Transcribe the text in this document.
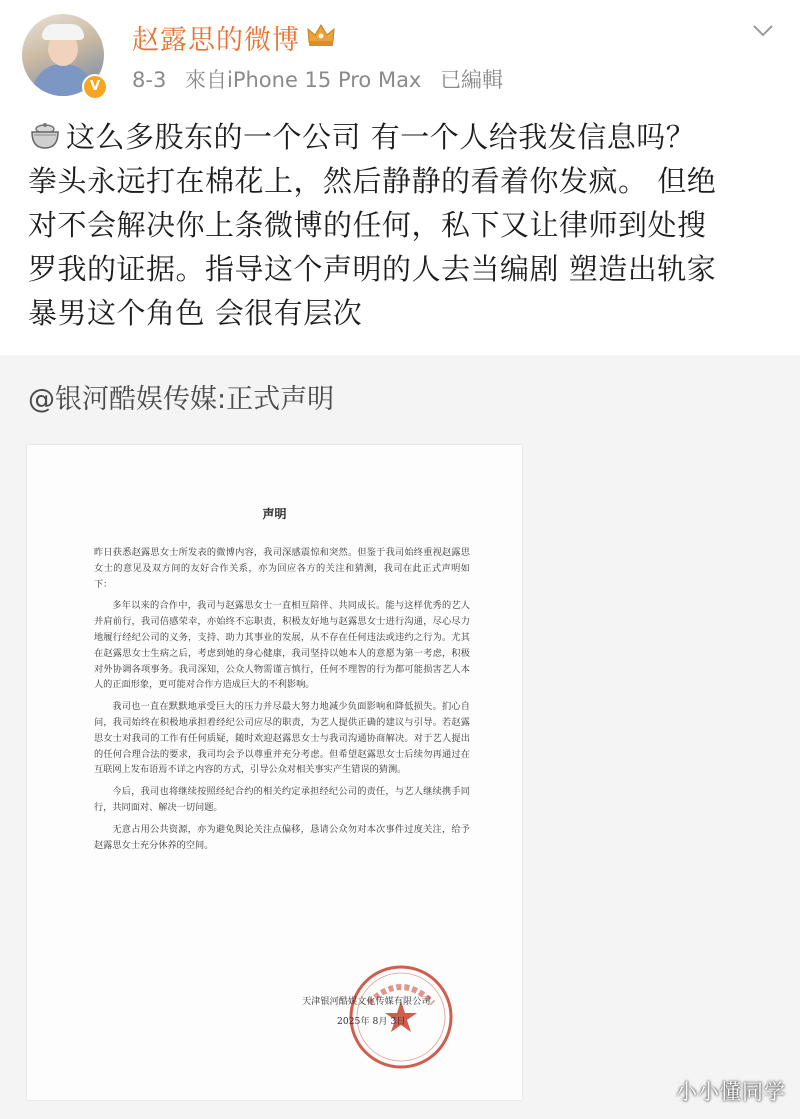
V
赵露思的微博
8-3 來自iPhone 15 Pro Max 已編輯

这么多股东的一个公司 有一个人给我发信息吗？

拳头永远打在棉花上，然后静静的看着你发疯。 但绝

对不会解决你上条微博的任何，私下又让律师到处搜

罗我的证据。指导这个声明的人去当编剧 塑造出轨家

暴男这个角色 会很有层次

@银河酷娱传媒:正式声明
声明

昨日获悉赵露思女士所发表的微博内容，我司深感震惊和突然。但鉴于我司始终重视赵露思女士的意见及双方间的友好合作关系，亦为回应各方的关注和猜测，我司在此正式声明如下：

多年以来的合作中，我司与赵露思女士一直相互陪伴、共同成长。能与这样优秀的艺人并肩前行，我司倍感荣幸，亦始终不忘职责，积极友好地与赵露思女士进行沟通，尽心尽力地履行经纪公司的义务，支持、助力其事业的发展，从不存在任何违法或违约之行为。尤其在赵露思女士生病之后，考虑到她的身心健康，我司坚持以她本人的意愿为第一考虑，积极对外协调各项事务。我司深知，公众人物需谨言慎行，任何不理智的行为都可能损害艺人本人的正面形象，更可能对合作方造成巨大的不利影响。

我司也一直在默默地承受巨大的压力并尽最大努力地减少负面影响和降低损失。扪心自问，我司始终在积极地承担着经纪公司应尽的职责，为艺人提供正确的建议与引导。若赵露思女士对我司的工作有任何质疑，随时欢迎赵露思女士与我司沟通协商解决。对于艺人提出的任何合理合法的要求，我司均会予以尊重并充分考虑。但希望赵露思女士后续勿再通过在互联网上发布语焉不详之内容的方式，引导公众对相关事实产生错误的猜测。

今后，我司也将继续按照经纪合约的相关约定承担经纪公司的责任，与艺人继续携手同行，共同面对、解决一切问题。

无意占用公共资源，亦为避免舆论关注点偏移，恳请公众勿对本次事件过度关注，给予赵露思女士充分休养的空间。

天津银河酷娱文化传媒有限公司
2025年 8月 3日
小小懂同学
